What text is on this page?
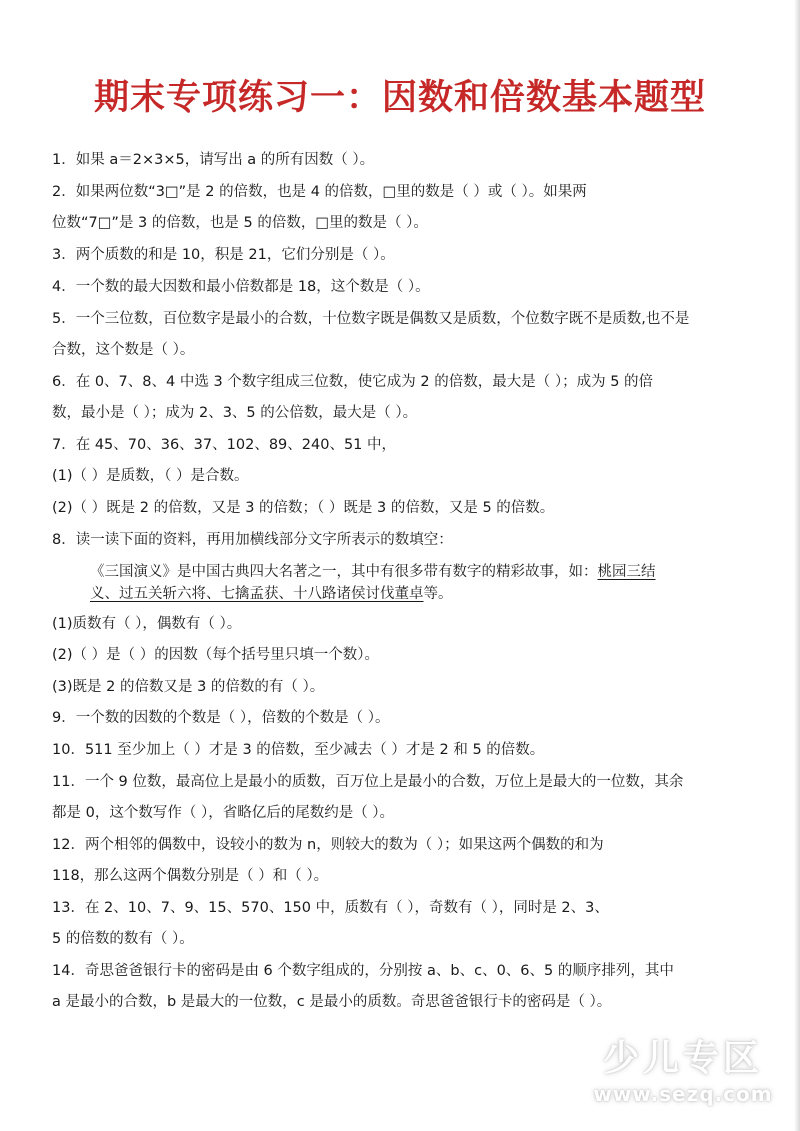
期末专项练习一：因数和倍数基本题型
1．如果 a＝2×3×5，请写出 a 的所有因数（ ）。
2．如果两位数“3□”是 2 的倍数，也是 4 的倍数，□里的数是（ ）或（ ）。如果两
位数“7□”是 3 的倍数，也是 5 的倍数，□里的数是（ ）。
3．两个质数的和是 10，积是 21，它们分别是（ ）。
4．一个数的最大因数和最小倍数都是 18，这个数是（ ）。
5．一个三位数，百位数字是最小的合数，十位数字既是偶数又是质数，个位数字既不是质数,也不是
合数，这个数是（ ）。
6．在 0、7、8、4 中选 3 个数字组成三位数，使它成为 2 的倍数，最大是（ ）；成为 5 的倍
数，最小是（ ）；成为 2、3、5 的公倍数，最大是（ ）。
7．在 45、70、36、37、102、89、240、51 中，
(1)（ ）是质数，（ ）是合数。
(2)（ ）既是 2 的倍数，又是 3 的倍数；（ ）既是 3 的倍数，又是 5 的倍数。
8．读一读下面的资料，再用加横线部分文字所表示的数填空：
《三国演义》是中国古典四大名著之一，其中有很多带有数字的精彩故事，如：桃园三结
义、过五关斩六将、七擒孟获、十八路诸侯讨伐董卓等。
(1)质数有（ ），偶数有（ ）。
(2)（ ）是（ ）的因数（每个括号里只填一个数）。
(3)既是 2 的倍数又是 3 的倍数的有（ ）。
9．一个数的因数的个数是（ ），倍数的个数是（ ）。
10．511 至少加上（ ）才是 3 的倍数，至少减去（ ）才是 2 和 5 的倍数。
11．一个 9 位数，最高位上是最小的质数，百万位上是最小的合数，万位上是最大的一位数，其余
都是 0，这个数写作（ ），省略亿后的尾数约是（ ）。
12．两个相邻的偶数中，设较小的数为 n，则较大的数为（ ）；如果这两个偶数的和为
118，那么这两个偶数分别是（ ）和（ ）。
13．在 2、10、7、9、15、570、150 中，质数有（ ），奇数有（ ），同时是 2、3、
5 的倍数的数有（ ）。
14．奇思爸爸银行卡的密码是由 6 个数字组成的，分别按 a、b、c、0、6、5 的顺序排列，其中
a 是最小的合数，b 是最大的一位数，c 是最小的质数。奇思爸爸银行卡的密码是（ ）。
少儿专区
www.sezq.com
